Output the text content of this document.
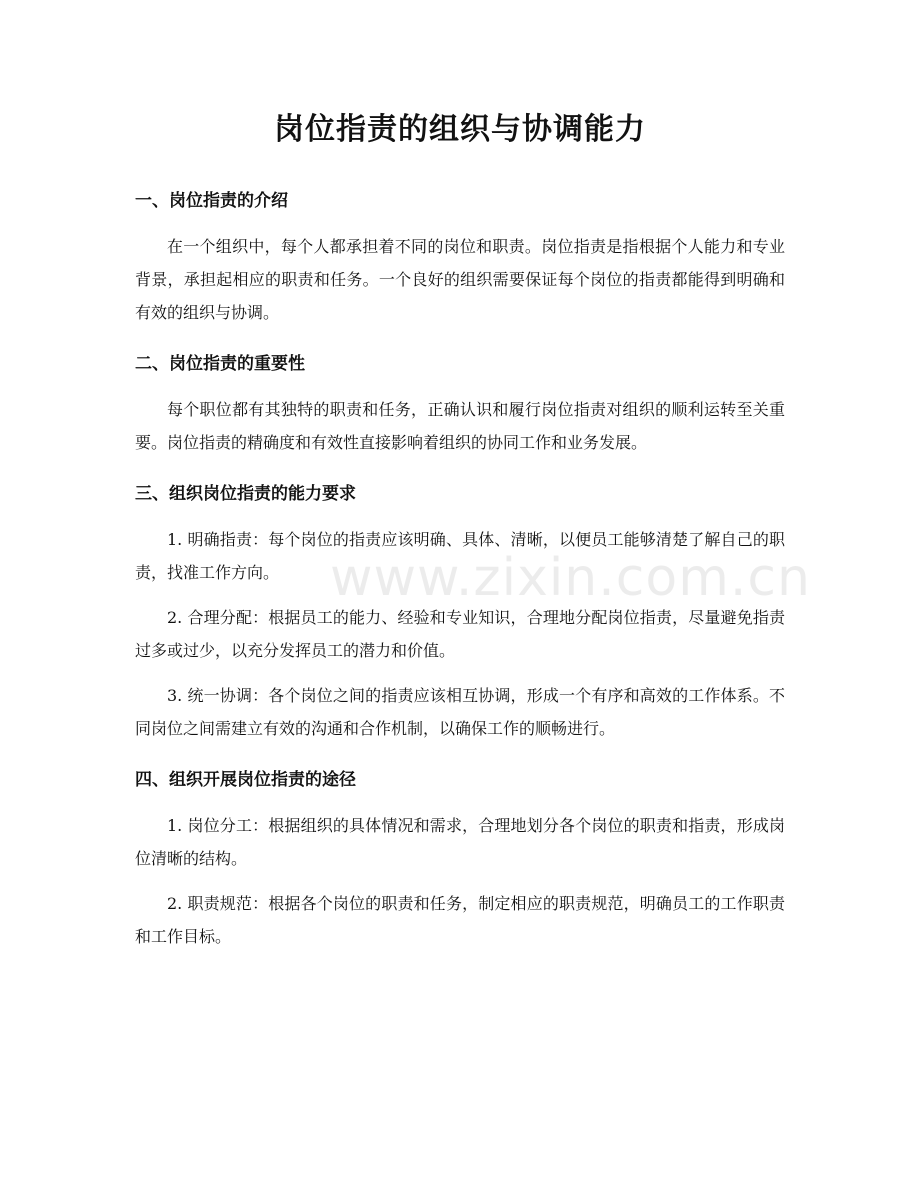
岗位指责的组织与协调能力
一、岗位指责的介绍

在一个组织中，每个人都承担着不同的岗位和职责。岗位指责是指根据个人能力和专业背景，承担起相应的职责和任务。一个良好的组织需要保证每个岗位的指责都能得到明确和有效的组织与协调。

二、岗位指责的重要性

每个职位都有其独特的职责和任务，正确认识和履行岗位指责对组织的顺利运转至关重要。岗位指责的精确度和有效性直接影响着组织的协同工作和业务发展。

三、组织岗位指责的能力要求

1. 明确指责：每个岗位的指责应该明确、具体、清晰，以便员工能够清楚了解自己的职责，找准工作方向。

2. 合理分配：根据员工的能力、经验和专业知识，合理地分配岗位指责，尽量避免指责过多或过少，以充分发挥员工的潜力和价值。

3. 统一协调：各个岗位之间的指责应该相互协调，形成一个有序和高效的工作体系。不同岗位之间需建立有效的沟通和合作机制，以确保工作的顺畅进行。

四、组织开展岗位指责的途径

1. 岗位分工：根据组织的具体情况和需求，合理地划分各个岗位的职责和指责，形成岗位清晰的结构。

2. 职责规范：根据各个岗位的职责和任务，制定相应的职责规范，明确员工的工作职责和工作目标。

www.zixin.com.cn
